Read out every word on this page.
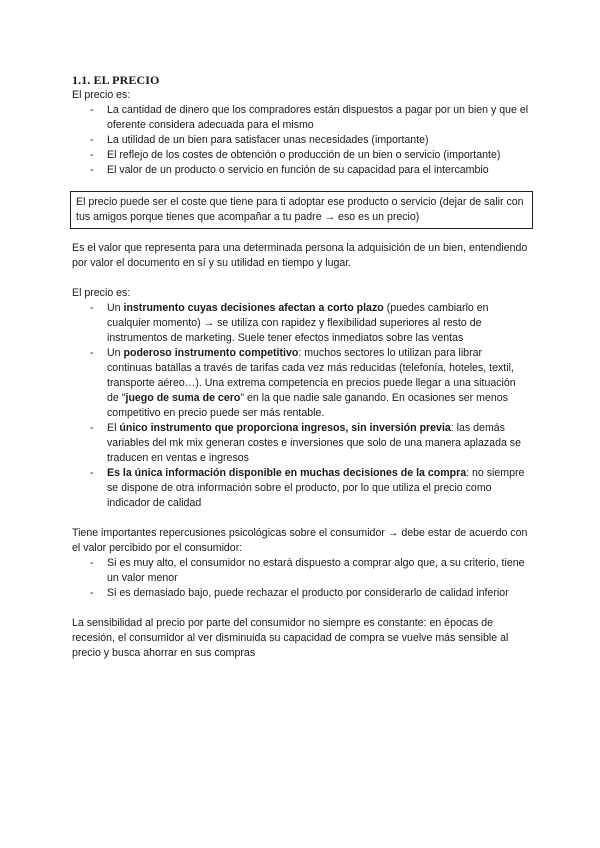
1.1. EL PRECIO

El precio es:

- La cantidad de dinero que los compradores están dispuestos a pagar por un bien y que el oferente considera adecuada para el mismo
- La utilidad de un bien para satisfacer unas necesidades (importante)
- El reflejo de los costes de obtención o producción de un bien o servicio (importante)
- El valor de un producto o servicio en función de su capacidad para el intercambio
El precio puede ser el coste que tiene para ti adoptar ese producto o servicio (dejar de salir con tus amigos porque tienes que acompañar a tu padre → eso es un precio)

Es el valor que representa para una determinada persona la adquisición de un bien, entendiendo por valor el documento en sí y su utilidad en tiempo y lugar.

El precio es:

- Un instrumento cuyas decisiones afectan a corto plazo (puedes cambiarlo en cualquier momento) → se utiliza con rapidez y flexibilidad superiores al resto de instrumentos de marketing. Suele tener efectos inmediatos sobre las ventas
- Un poderoso instrumento competitivo: muchos sectores lo utilizan para librar continuas batallas a través de tarifas cada vez más reducidas (telefonía, hoteles, textil, transporte aéreo…). Una extrema competencia en precios puede llegar a una situación de "juego de suma de cero" en la que nadie sale ganando. En ocasiones ser menos competitivo en precio puede ser más rentable.
- El único instrumento que proporciona ingresos, sin inversión previa: las demás variables del mk mix generan costes e inversiones que solo de una manera aplazada se traducen en ventas e ingresos
- Es la única información disponible en muchas decisiones de la compra: no siempre se dispone de otra información sobre el producto, por lo que utiliza el precio como indicador de calidad

Tiene importantes repercusiones psicológicas sobre el consumidor → debe estar de acuerdo con el valor percibido por el consumidor:

- Si es muy alto, el consumidor no estará dispuesto a comprar algo que, a su criterio, tiene un valor menor
- Si es demasiado bajo, puede rechazar el producto por considerarlo de calidad inferior

La sensibilidad al precio por parte del consumidor no siempre es constante: en épocas de recesión, el consumidor al ver disminuida su capacidad de compra se vuelve más sensible al precio y busca ahorrar en sus compras
